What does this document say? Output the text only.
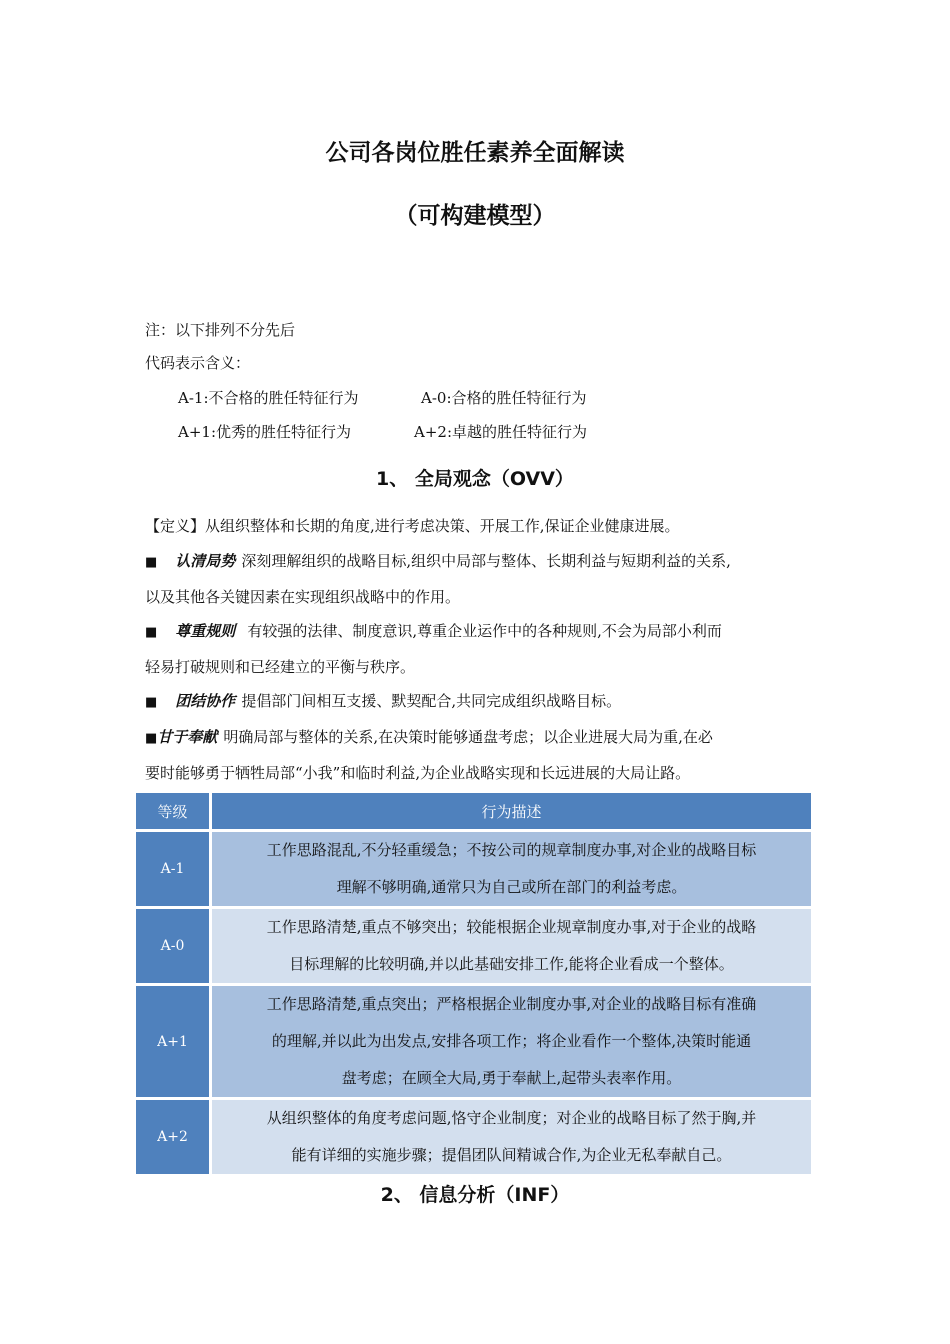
公司各岗位胜任素养全面解读
（可构建模型）
注：以下排列不分先后
代码表示含义：
A-1:不合格的胜任特征行为	A-0:合格的胜任特征行为
A+1:优秀的胜任特征行为	A+2:卓越的胜任特征行为
1、 全局观念（OVV）
【定义】从组织整体和长期的角度,进行考虑决策、开展工作,保证企业健康进展。
■ 认清局势 深刻理解组织的战略目标,组织中局部与整体、长期利益与短期利益的关系,
以及其他各关键因素在实现组织战略中的作用。
■ 尊重规则 有较强的法律、制度意识,尊重企业运作中的各种规则,不会为局部小利而
轻易打破规则和已经建立的平衡与秩序。
■ 团结协作 提倡部门间相互支援、默契配合,共同完成组织战略目标。
■甘于奉献 明确局部与整体的关系,在决策时能够通盘考虑；以企业进展大局为重,在必
要时能够勇于牺牲局部“小我”和临时利益,为企业战略实现和长远进展的大局让路。
等级	行为描述
A-1	工作思路混乱,不分轻重缓急；不按公司的规章制度办事,对企业的战略目标
理解不够明确,通常只为自己或所在部门的利益考虑。

A-0	工作思路清楚,重点不够突出；较能根据企业规章制度办事,对于企业的战略
目标理解的比较明确,并以此基础安排工作,能将企业看成一个整体。

A+1	工作思路清楚,重点突出；严格根据企业制度办事,对企业的战略目标有准确
的理解,并以此为出发点,安排各项工作；将企业看作一个整体,决策时能通
盘考虑；在顾全大局,勇于奉献上,起带头表率作用。

A+2	从组织整体的角度考虑问题,恪守企业制度；对企业的战略目标了然于胸,并
能有详细的实施步骤；提倡团队间精诚合作,为企业无私奉献自己。
2、 信息分析（INF）
